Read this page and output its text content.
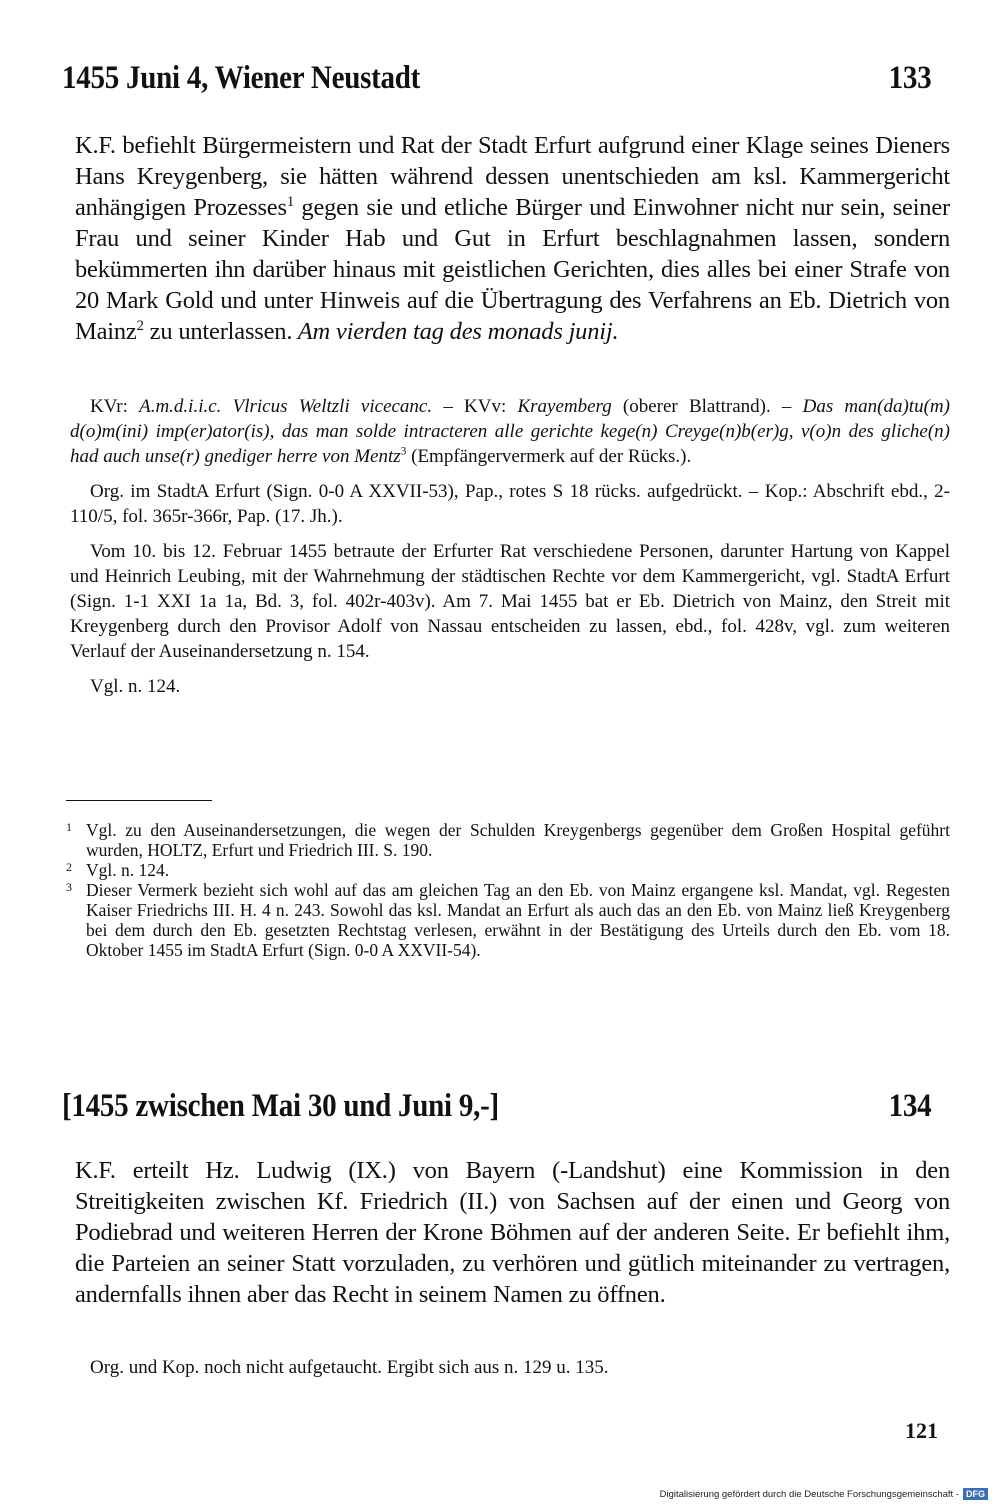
1455 Juni 4, Wiener Neustadt	133
K.F. befiehlt Bürgermeistern und Rat der Stadt Erfurt aufgrund einer Klage seines Dieners Hans Kreygenberg, sie hätten während dessen unentschieden am ksl. Kammergericht anhängigen Prozesses$^1$ gegen sie und etliche Bürger und Einwohner nicht nur sein, seiner Frau und seiner Kinder Hab und Gut in Erfurt beschlagnahmen lassen, sondern bekümmerten ihn darüber hinaus mit geistlichen Gerichten, dies alles bei einer Strafe von 20 Mark Gold und unter Hinweis auf die Übertragung des Verfahrens an Eb. Dietrich von Mainz$^2$ zu unterlassen. Am vierden tag des monads junij.

KVr: A.m.d.i.i.c. Vlricus Weltzli vicecanc. – KVv: Krayemberg (oberer Blattrand). – Das man(da)tu(m) d(o)m(ini) imp(er)ator(is), das man solde intracteren alle gerichte kege(n) Creyge(n)b(er)g, v(o)n des gliche(n) had auch unse(r) gnediger herre von Mentz$^3$ (Empfängervermerk auf der Rücks.).

Org. im StadtA Erfurt (Sign. 0-0 A XXVII-53), Pap., rotes S 18 rücks. aufgedrückt. – Kop.: Abschrift ebd., 2-110/5, fol. 365r-366r, Pap. (17. Jh.).

Vom 10. bis 12. Februar 1455 betraute der Erfurter Rat verschiedene Personen, darunter Hartung von Kappel und Heinrich Leubing, mit der Wahrnehmung der städtischen Rechte vor dem Kammergericht, vgl. StadtA Erfurt (Sign. 1-1 XXI 1a 1a, Bd. 3, fol. 402r-403v). Am 7. Mai 1455 bat er Eb. Dietrich von Mainz, den Streit mit Kreygenberg durch den Provisor Adolf von Nassau entscheiden zu lassen, ebd., fol. 428v, vgl. zum weiteren Verlauf der Auseinandersetzung n. 154.

Vgl. n. 124.

1 Vgl. zu den Auseinandersetzungen, die wegen der Schulden Kreygenbergs gegenüber dem Großen Hospital geführt wurden, HOLTZ, Erfurt und Friedrich III. S. 190.
2 Vgl. n. 124.
3 Dieser Vermerk bezieht sich wohl auf das am gleichen Tag an den Eb. von Mainz ergangene ksl. Mandat, vgl. Regesten Kaiser Friedrichs III. H. 4 n. 243. Sowohl das ksl. Mandat an Erfurt als auch das an den Eb. von Mainz ließ Kreygenberg bei dem durch den Eb. gesetzten Rechtstag verlesen, erwähnt in der Bestätigung des Urteils durch den Eb. vom 18. Oktober 1455 im StadtA Erfurt (Sign. 0-0 A XXVII-54).
[1455 zwischen Mai 30 und Juni 9,-]	134
K.F. erteilt Hz. Ludwig (IX.) von Bayern (-Landshut) eine Kommission in den Streitigkeiten zwischen Kf. Friedrich (II.) von Sachsen auf der einen und Georg von Podiebrad und weiteren Herren der Krone Böhmen auf der anderen Seite. Er befiehlt ihm, die Parteien an seiner Statt vorzuladen, zu verhören und gütlich miteinander zu vertragen, andernfalls ihnen aber das Recht in seinem Namen zu öffnen.

Org. und Kop. noch nicht aufgetaucht. Ergibt sich aus n. 129 u. 135.

121
Digitalisierung gefördert durch die Deutsche Forschungsgemeinschaft - DFG
